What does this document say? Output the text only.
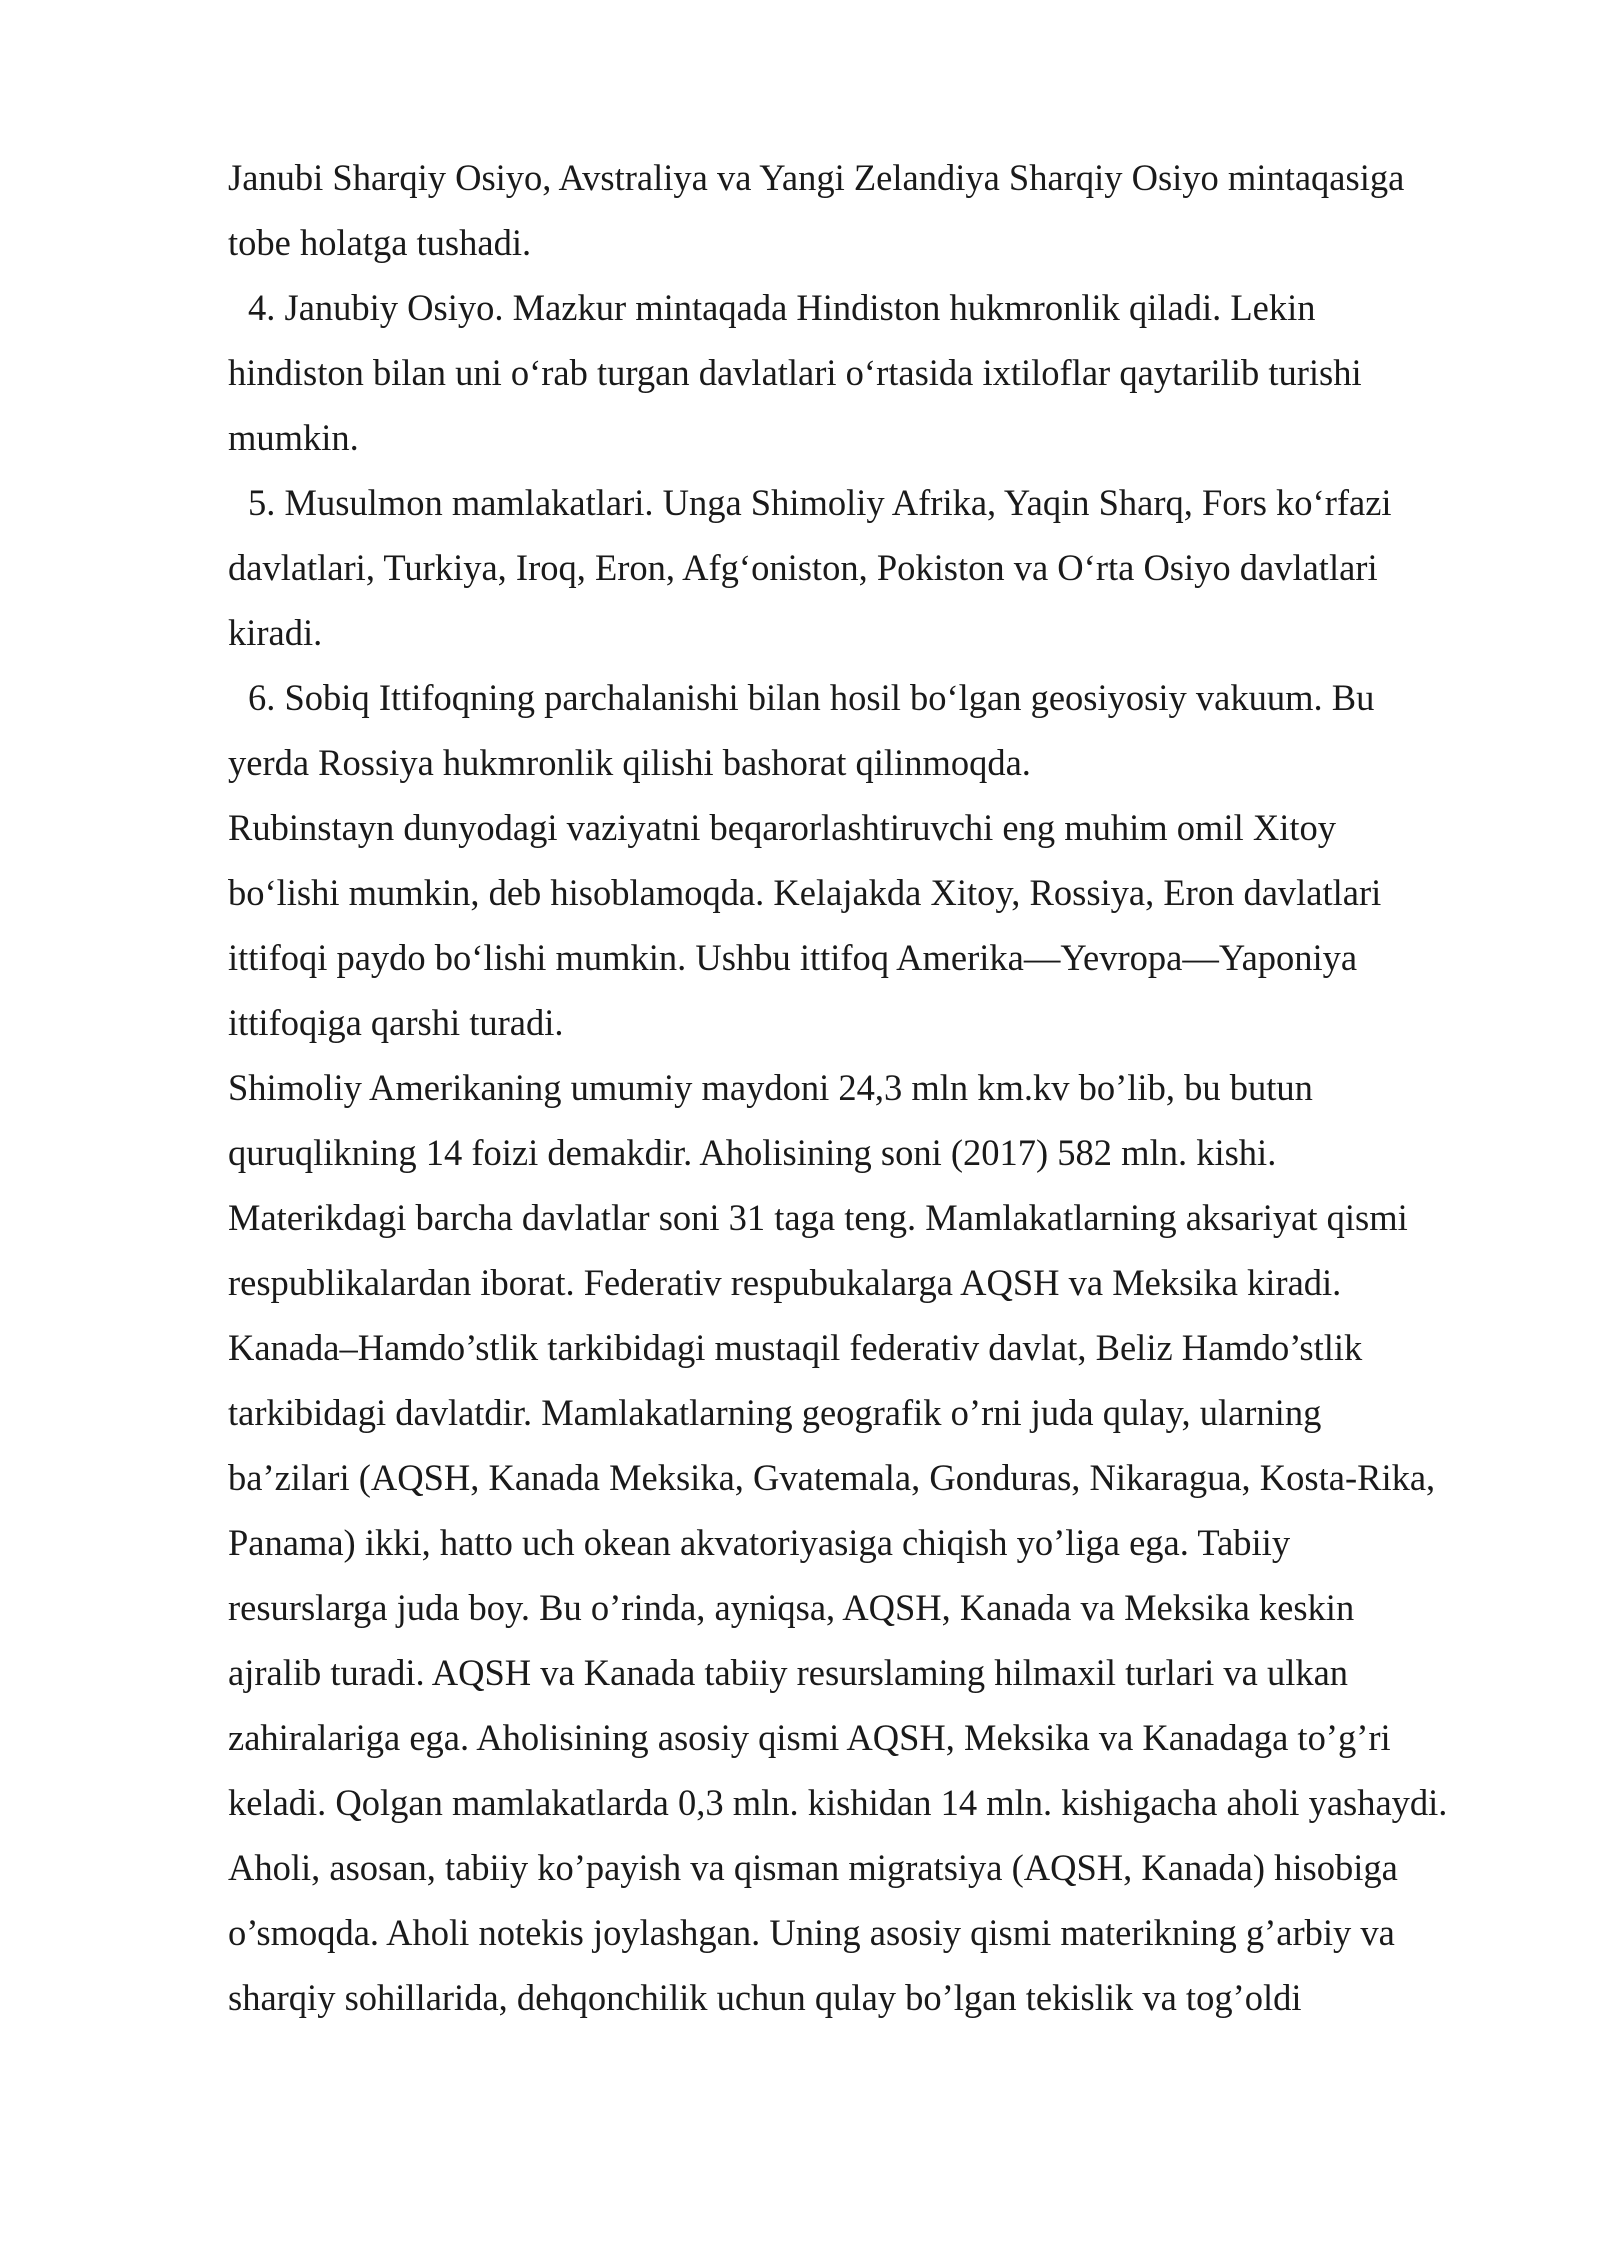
Janubi Sharqiy Osiyo, Avstraliya va Yangi Zelandiya Sharqiy Osiyo mintaqasiga
tobe holatga tushadi.
4. Janubiy Osiyo. Mazkur mintaqada Hindiston hukmronlik qiladi. Lekin
hindiston bilan uni o‘rab turgan davlatlari o‘rtasida ixtiloflar qaytarilib turishi
mumkin.
5. Musulmon mamlakatlari. Unga Shimoliy Afrika, Yaqin Sharq, Fors ko‘rfazi
davlatlari, Turkiya, Iroq, Eron, Afg‘oniston, Pokiston va O‘rta Osiyo davlatlari
kiradi.
6. Sobiq Ittifoqning parchalanishi bilan hosil bo‘lgan geosiyosiy vakuum. Bu
yerda Rossiya hukmronlik qilishi bashorat qilinmoqda.
Rubinstayn dunyodagi vaziyatni beqarorlashtiruvchi eng muhim omil Xitoy
bo‘lishi mumkin, deb hisoblamoqda. Kelajakda Xitoy, Rossiya, Eron davlatlari
ittifoqi paydo bo‘lishi mumkin. Ushbu ittifoq Amerika—Yevropa—Yaponiya
ittifoqiga qarshi turadi.
Shimoliy Amerikaning umumiy maydoni 24,3 mln km.kv bo’lib, bu butun
quruqlikning 14 foizi demakdir. Aholisining soni (2017) 582 mln. kishi.
Materikdagi barcha davlatlar soni 31 taga teng. Mamlakatlarning aksariyat qismi
respublikalardan iborat. Federativ respubukalarga AQSH va Meksika kiradi.
Kanada–Hamdo’stlik tarkibidagi mustaqil federativ davlat, Beliz Hamdo’stlik
tarkibidagi davlatdir. Mamlakatlarning geografik o’rni juda qulay, ularning
ba’zilari (AQSH, Kanada Meksika, Gvatemala, Gonduras, Nikaragua, Kosta-Rika,
Panama) ikki, hatto uch okean akvatoriyasiga chiqish yo’liga ega. Tabiiy
resurslarga juda boy. Bu o’rinda, ayniqsa, AQSH, Kanada va Meksika keskin
ajralib turadi. AQSH va Kanada tabiiy resurslaming hilmaxil turlari va ulkan
zahiralariga ega. Aholisining asosiy qismi AQSH, Meksika va Kanadaga to’g’ri
keladi. Qolgan mamlakatlarda 0,3 mln. kishidan 14 mln. kishigacha aholi yashaydi.
Aholi, asosan, tabiiy ko’payish va qisman migratsiya (AQSH, Kanada) hisobiga
o’smoqda. Aholi notekis joylashgan. Uning asosiy qismi materikning g’arbiy va
sharqiy sohillarida, dehqonchilik uchun qulay bo’lgan tekislik va tog’oldi
